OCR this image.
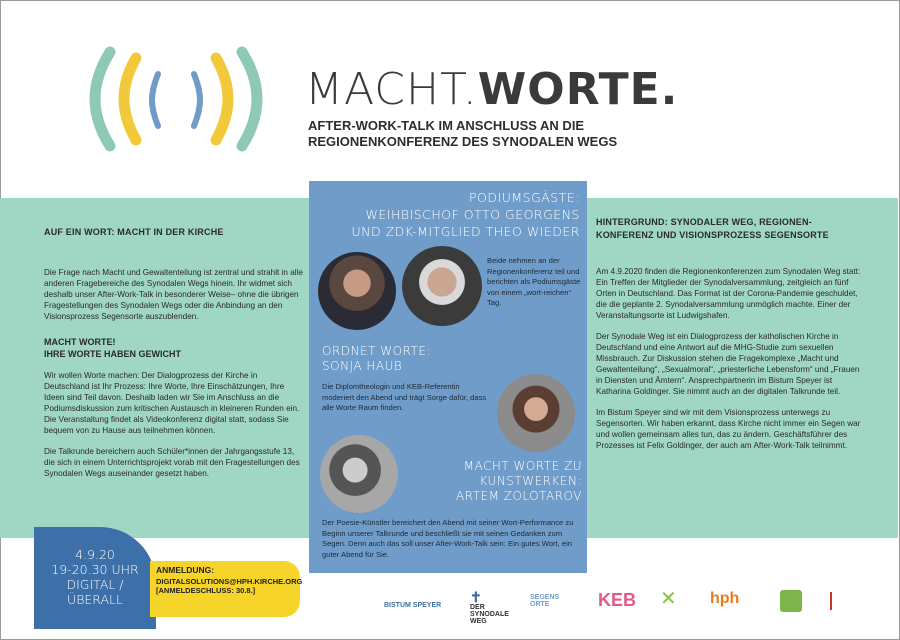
MACHT.WORTE.
AFTER-WORK-TALK IM ANSCHLUSS AN DIE
REGIONENKONFERENZ DES SYNODALEN WEGS
AUF EIN WORT: MACHT IN DER KIRCHE
Die Frage nach Macht und Gewaltenteilung ist zentral und strahlt in alle anderen Fragebereiche des Synodalen Wegs hinein. Ihr widmet sich deshalb unser After-Work-Talk in besonderer Weise– ohne die übrigen Fragestellungen des Synodalen Wegs oder die Anbindung an den Visionsprozess Segensorte auszublenden.
MACHT WORTE!
IHRE WORTE HABEN GEWICHT
Wir wollen Worte machen: Der Dialogprozess der Kirche in Deutschland ist Ihr Prozess: Ihre Worte, Ihre Einschätzungen, Ihre Ideen sind Teil davon. Deshalb laden wir Sie im Anschluss an die Podiumsdiskussion zum kritischen Austausch in kleineren Runden ein. Die Veranstaltung findet als Videokonferenz digital statt, sodass Sie bequem von zu Hause aus teilnehmen können.
Die Talkrunde bereichern auch Schüler*innen der Jahrgangsstufe 13, die sich in einem Unterrichtsprojekt vorab mit den Fragestellungen des Synodalen Wegs auseinander gesetzt haben.
PODIUMSGÄSTE:
WEIHBISCHOF OTTO GEORGENS
UND ZDK-MITGLIED THEO WIEDER
Beide nehmen an der Regionenkonferenz teil und berichten als Podiumsgäste von einem „wort-reichen“ Tag.
ORDNET WORTE:
SONJA HAUB
Die Diplomtheologin und KEB-Referentin moderiert den Abend und trägt Sorge dafür, dass alle Worte Raum finden.
MACHT WORTE ZU
KUNSTWERKEN:
ARTEM ZOLOTAROV
Der Poesie-Künstler bereichert den Abend mit seiner Wort-Performance zu Beginn unserer Talkrunde und beschließt sie mit seinen Gedanken zum Segen. Denn auch das soll unser After-Work-Talk sein: Ein gutes Wort, ein guter Abend für Sie.
HINTERGRUND: SYNODALER WEG, REGIONEN-
KONFERENZ UND VISIONSPROZESS SEGENSORTE
Am 4.9.2020 finden die Regionenkonferenzen zum Synodalen Weg statt: Ein Treffen der Mitglieder der Synodalversammlung, zeitgleich an fünf Orten in Deutschland. Das Format ist der Corona-Pandemie geschuldet, die die geplante 2. Synodalversammlung unmöglich machte. Einer der Veranstaltungsorte ist Ludwigshafen.
Der Synodale Weg ist ein Dialogprozess der katholischen Kirche in Deutschland und eine Antwort auf die MHG-Studie zum sexuellen Missbrauch. Zur Diskussion stehen die Fragekomplexe „Macht und Gewaltenteilung“, „Sexualmoral“, „priesterliche Lebensform“ und „Frauen in Diensten und Ämtern“. Ansprechpartnerin im Bistum Speyer ist Katharina Goldinger. Sie nimmt auch an der digitalen Talkrunde teil.
Im Bistum Speyer sind wir mit dem Visionsprozess unterwegs zu Segensorten. Wir haben erkannt, dass Kirche nicht immer ein Segen war und wollen gemeinsam alles tun, das zu ändern. Geschäftsführer des Prozesses ist Felix Goldinger, der auch am After-Work-Talk teilnimmt.
4.9.20
19-20.30 UHR
DIGITAL /
ÜBERALL
ANMELDUNG:
DIGITALSOLUTIONS@HPH.KIRCHE.ORG
[ANMELDESCHLUSS: 30.8.]
BISTUM SPEYER
✝
DER SYNODALE WEG
SEGENS ORTE	KEB ✕ hph
